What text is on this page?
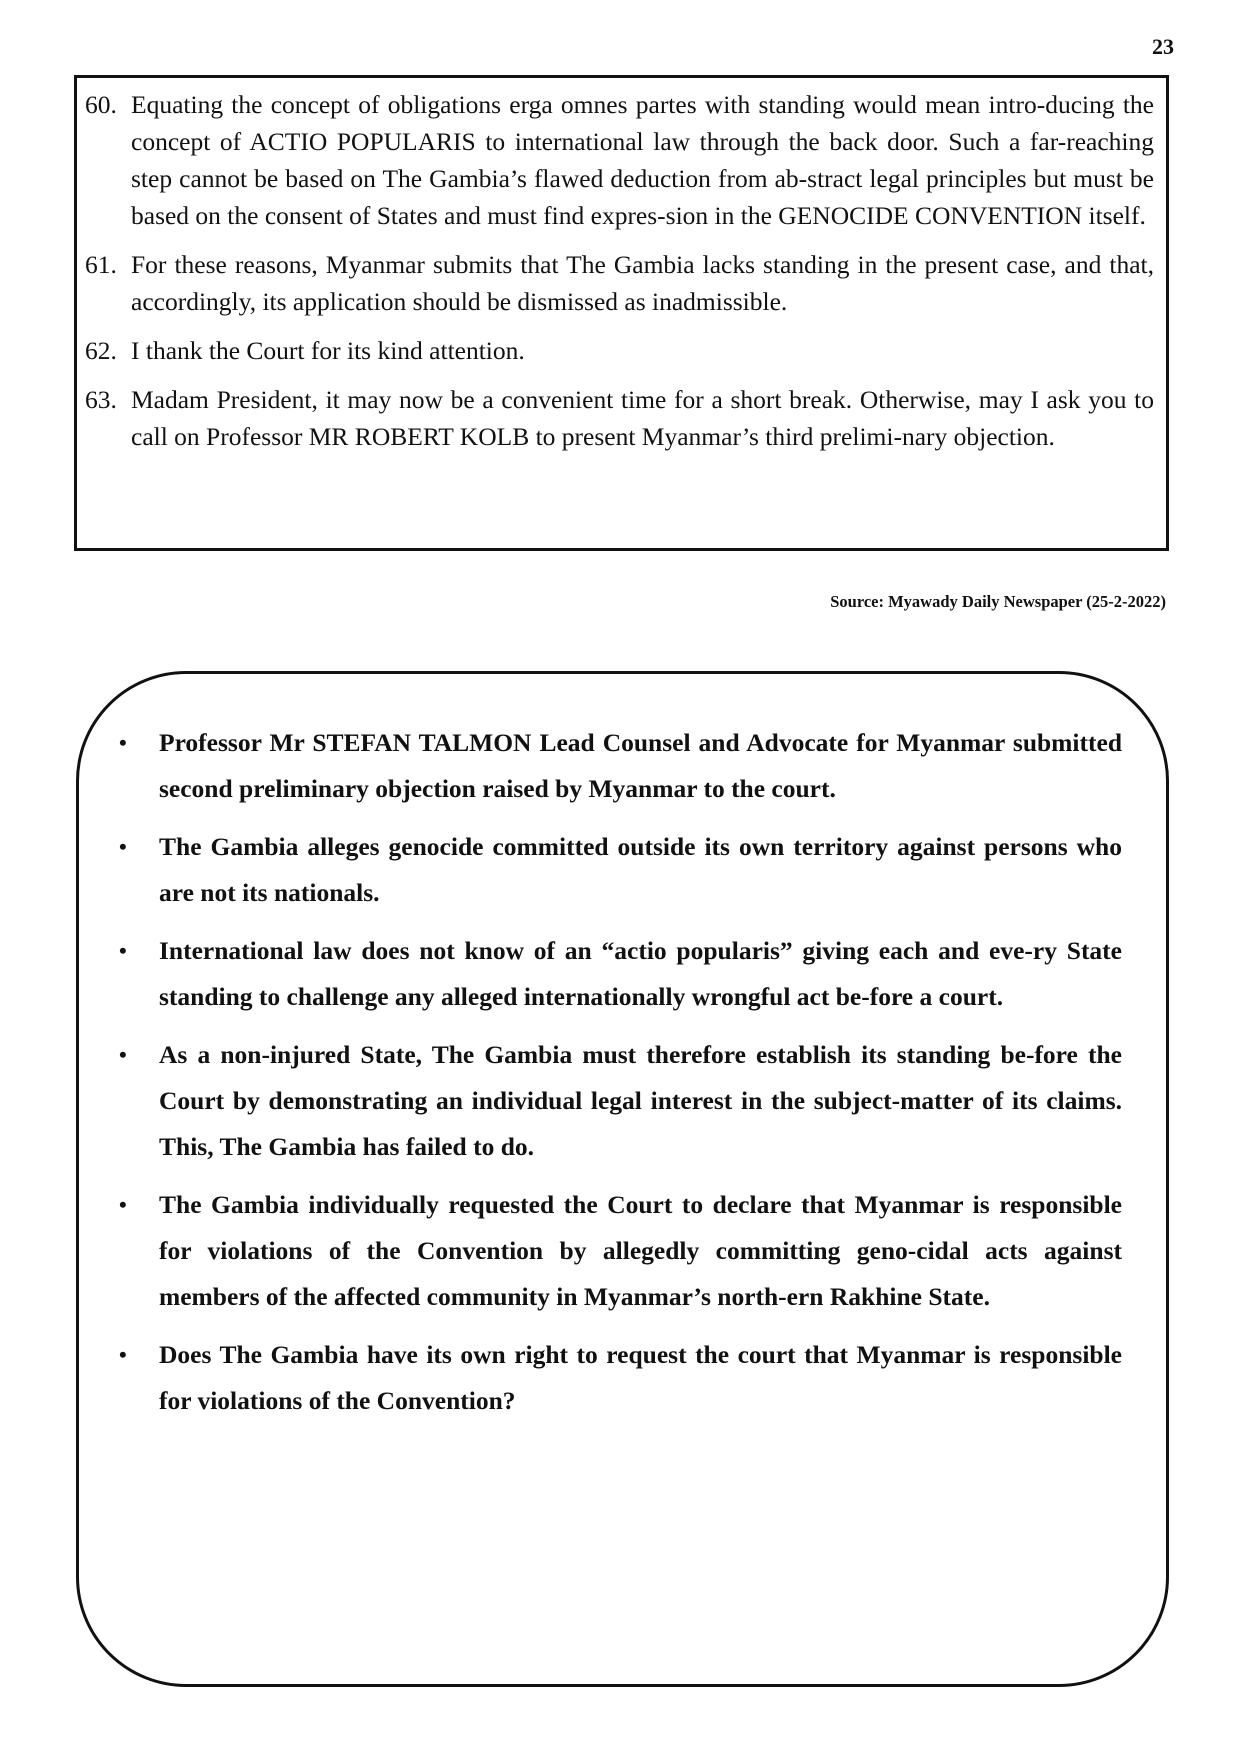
23
60. Equating the concept of obligations erga omnes partes with standing would mean intro-ducing the concept of ACTIO POPULARIS to international law through the back door. Such a far-reaching step cannot be based on The Gambia’s flawed deduction from ab-stract legal principles but must be based on the consent of States and must find expres-sion in the GENOCIDE CONVENTION itself.
61. For these reasons, Myanmar submits that The Gambia lacks standing in the present case, and that, accordingly, its application should be dismissed as inadmissible.
62. I thank the Court for its kind attention.
63. Madam President, it may now be a convenient time for a short break. Otherwise, may I ask you to call on Professor MR ROBERT KOLB to present Myanmar’s third prelimi-nary objection.
Source: Myawady Daily Newspaper (25-2-2022)
•	Professor Mr STEFAN TALMON Lead Counsel and Advocate for Myanmar submitted second preliminary objection raised by Myanmar to the court.
•	The Gambia alleges genocide committed outside its own territory against persons who are not its nationals.
•	International law does not know of an “actio popularis” giving each and eve-ry State standing to challenge any alleged internationally wrongful act be-fore a court.
•	As a non-injured State, The Gambia must therefore establish its standing be-fore the Court by demonstrating an individual legal interest in the subject-matter of its claims. This, The Gambia has failed to do.
•	The Gambia individually requested the Court to declare that Myanmar is responsible for violations of the Convention by allegedly committing geno-cidal acts against members of the affected community in Myanmar’s north-ern Rakhine State.
•	Does The Gambia have its own right to request the court that Myanmar is responsible for violations of the Convention?
